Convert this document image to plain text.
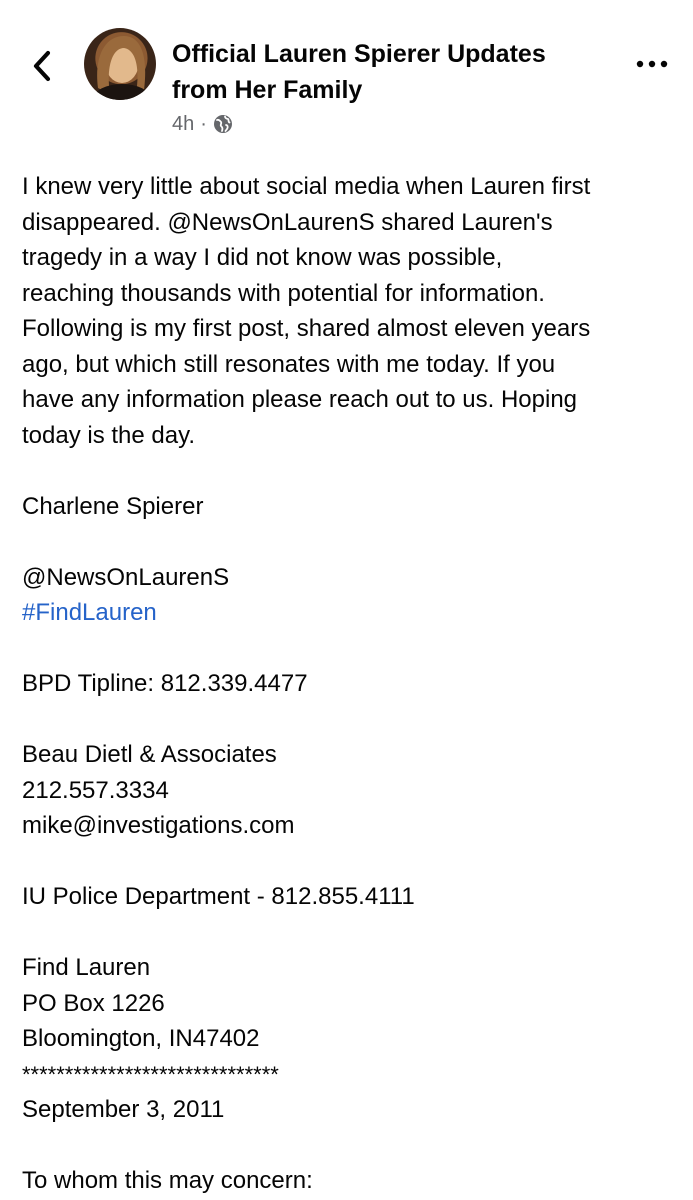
Official Lauren Spierer Updates from Her Family
4h ·
I knew very little about social media when Lauren first
disappeared. @NewsOnLaurenS shared Lauren's
tragedy in a way I did not know was possible,
reaching thousands with potential for information.
Following is my first post, shared almost eleven years
ago, but which still resonates with me today. If you
have any information please reach out to us. Hoping
today is the day.
Charlene Spierer
@NewsOnLaurenS
#FindLauren
BPD Tipline: 812.339.4477
Beau Dietl & Associates
212.557.3334
mike@investigations.com
IU Police Department - 812.855.4111
Find Lauren
PO Box 1226
Bloomington, IN47402
******************************
September 3, 2011
To whom this may concern:
